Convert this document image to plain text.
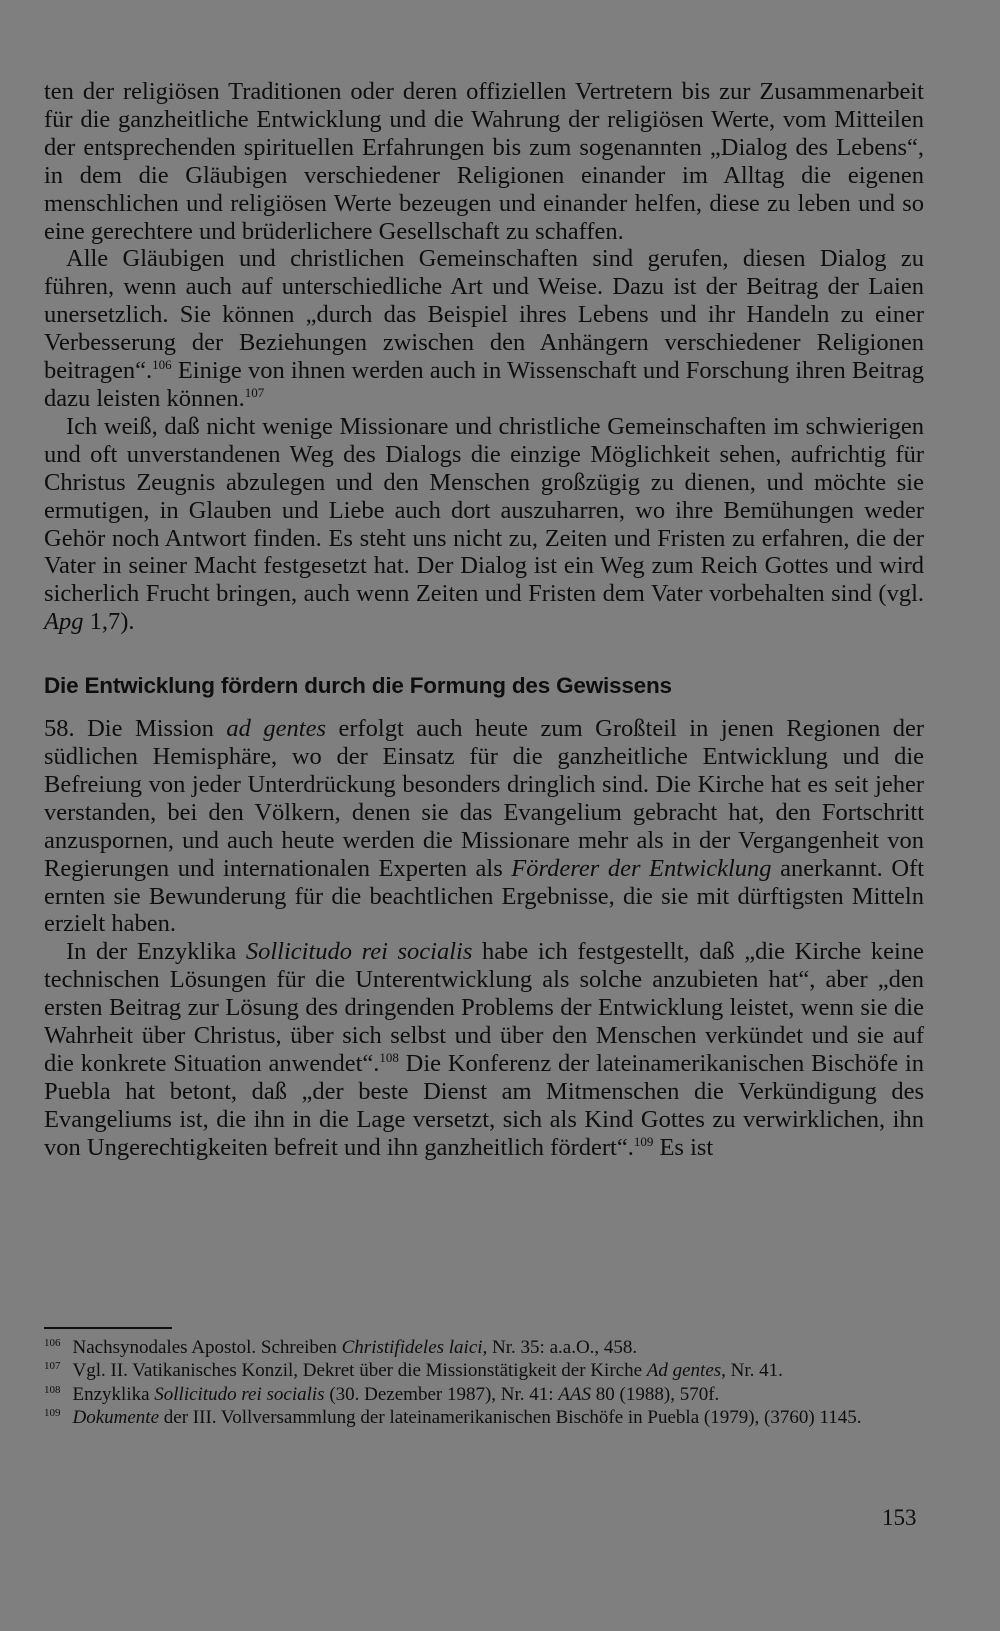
ten der religiösen Traditionen oder deren offiziellen Vertretern bis zur Zusammenarbeit für die ganzheitliche Entwicklung und die Wahrung der religiösen Werte, vom Mitteilen der entsprechenden spirituellen Erfahrungen bis zum sogenannten „Dialog des Lebens“, in dem die Gläubigen verschiedener Religionen einander im Alltag die eigenen menschlichen und religiösen Werte bezeugen und einander helfen, diese zu leben und so eine gerechtere und brüderlichere Gesellschaft zu schaffen.

Alle Gläubigen und christlichen Gemeinschaften sind gerufen, diesen Dialog zu führen, wenn auch auf unterschiedliche Art und Weise. Dazu ist der Beitrag der Laien unersetzlich. Sie können „durch das Beispiel ihres Lebens und ihr Handeln zu einer Verbesserung der Beziehungen zwischen den Anhängern verschiedener Religionen beitragen“.$^{106}$ Einige von ihnen werden auch in Wissenschaft und Forschung ihren Beitrag dazu leisten können.$^{107}$

Ich weiß, daß nicht wenige Missionare und christliche Gemeinschaften im schwierigen und oft unverstandenen Weg des Dialogs die einzige Möglichkeit sehen, aufrichtig für Christus Zeugnis abzulegen und den Menschen großzügig zu dienen, und möchte sie ermutigen, in Glauben und Liebe auch dort auszuharren, wo ihre Bemühungen weder Gehör noch Antwort finden. Es steht uns nicht zu, Zeiten und Fristen zu erfahren, die der Vater in seiner Macht festgesetzt hat. Der Dialog ist ein Weg zum Reich Gottes und wird sicherlich Frucht bringen, auch wenn Zeiten und Fristen dem Vater vorbehalten sind (vgl. Apg 1,7).

Die Entwicklung fördern durch die Formung des Gewissens

58. Die Mission ad gentes erfolgt auch heute zum Großteil in jenen Regionen der südlichen Hemisphäre, wo der Einsatz für die ganzheitliche Entwicklung und die Befreiung von jeder Unterdrückung besonders dringlich sind. Die Kirche hat es seit jeher verstanden, bei den Völkern, denen sie das Evangelium gebracht hat, den Fortschritt anzuspornen, und auch heute werden die Missionare mehr als in der Vergangenheit von Regierungen und internationalen Experten als Förderer der Entwicklung anerkannt. Oft ernten sie Bewunderung für die beachtlichen Ergebnisse, die sie mit dürftigsten Mitteln erzielt haben.

In der Enzyklika Sollicitudo rei socialis habe ich festgestellt, daß „die Kirche keine technischen Lösungen für die Unterentwicklung als solche anzubieten hat“, aber „den ersten Beitrag zur Lösung des dringenden Problems der Entwicklung leistet, wenn sie die Wahrheit über Christus, über sich selbst und über den Menschen verkündet und sie auf die konkrete Situation anwendet“.$^{108}$ Die Konferenz der lateinamerikanischen Bischöfe in Puebla hat betont, daß „der beste Dienst am Mitmenschen die Verkündigung des Evangeliums ist, die ihn in die Lage versetzt, sich als Kind Gottes zu verwirklichen, ihn von Ungerechtigkeiten befreit und ihn ganzheitlich fördert“.$^{109}$ Es ist

$^{106}$ Nachsynodales Apostol. Schreiben Christifideles laici, Nr. 35: a.a.O., 458.

$^{107}$ Vgl. II. Vatikanisches Konzil, Dekret über die Missionstätigkeit der Kirche Ad gentes, Nr. 41.

$^{108}$ Enzyklika Sollicitudo rei socialis (30. Dezember 1987), Nr. 41: AAS 80 (1988), 570f.

$^{109}$ Dokumente der III. Vollversammlung der lateinamerikanischen Bischöfe in Puebla (1979), (3760) 1145.

153
